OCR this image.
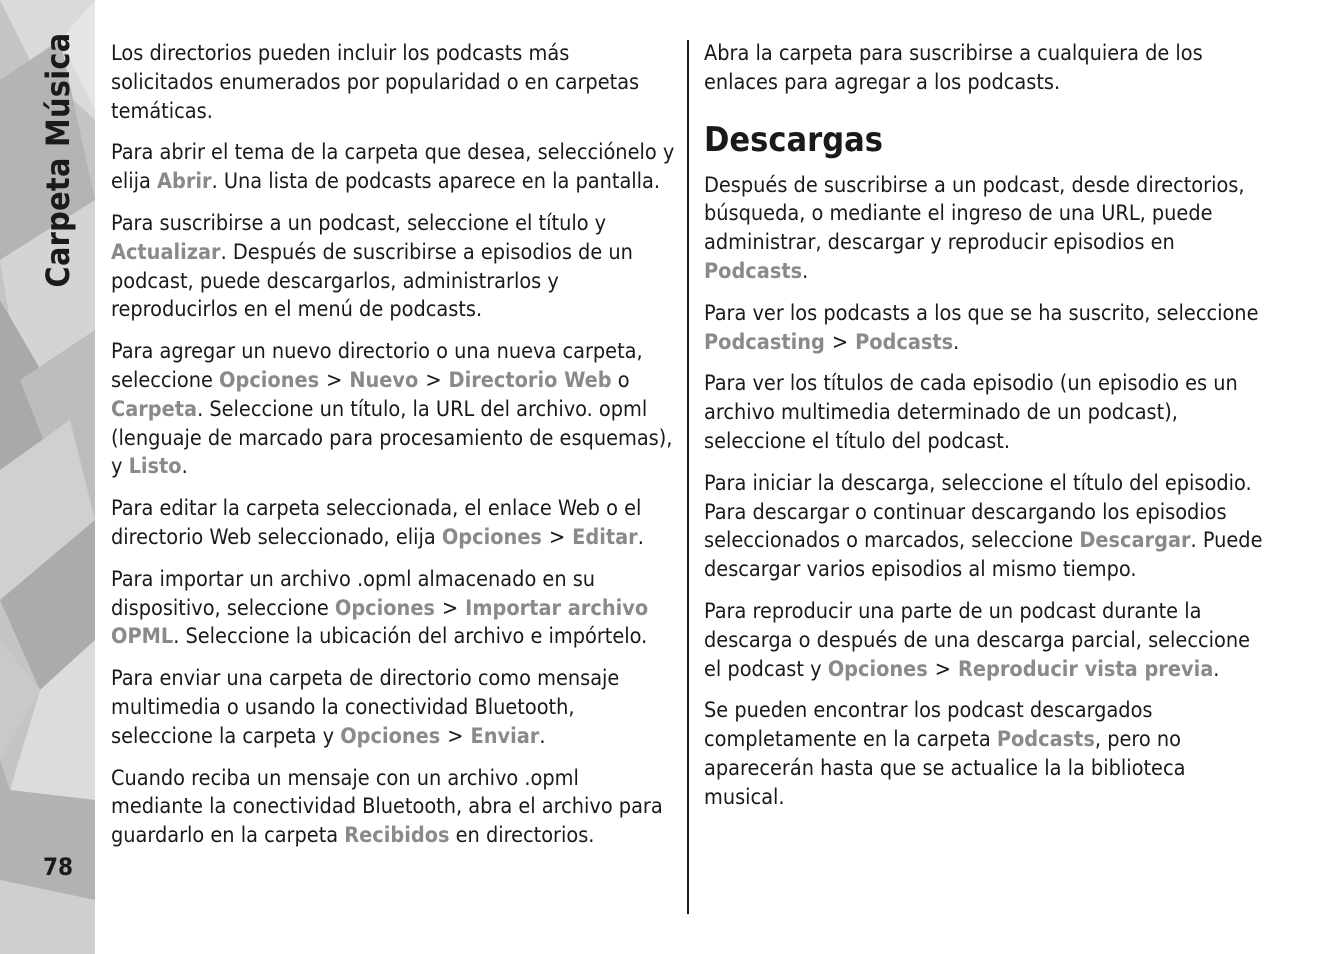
Carpeta Música
78

Los directorios pueden incluir los podcasts más solicitados enumerados por popularidad o en carpetas temáticas.

Para abrir el tema de la carpeta que desea, selecciónelo y elija Abrir. Una lista de podcasts aparece en la pantalla.

Para suscribirse a un podcast, seleccione el título y Actualizar. Después de suscribirse a episodios de un podcast, puede descargarlos, administrarlos y reproducirlos en el menú de podcasts.

Para agregar un nuevo directorio o una nueva carpeta, seleccione Opciones > Nuevo > Directorio Web o Carpeta. Seleccione un título, la URL del archivo. opml (lenguaje de marcado para procesamiento de esquemas), y Listo.

Para editar la carpeta seleccionada, el enlace Web o el directorio Web seleccionado, elija Opciones > Editar.

Para importar un archivo .opml almacenado en su dispositivo, seleccione Opciones > Importar archivo OPML. Seleccione la ubicación del archivo e impórtelo.

Para enviar una carpeta de directorio como mensaje multimedia o usando la conectividad Bluetooth, seleccione la carpeta y Opciones > Enviar.

Cuando reciba un mensaje con un archivo .opml mediante la conectividad Bluetooth, abra el archivo para guardarlo en la carpeta Recibidos en directorios.

Abra la carpeta para suscribirse a cualquiera de los enlaces para agregar a los podcasts.

Descargas

Después de suscribirse a un podcast, desde directorios, búsqueda, o mediante el ingreso de una URL, puede administrar, descargar y reproducir episodios en Podcasts.

Para ver los podcasts a los que se ha suscrito, seleccione Podcasting > Podcasts.

Para ver los títulos de cada episodio (un episodio es un archivo multimedia determinado de un podcast), seleccione el título del podcast.

Para iniciar la descarga, seleccione el título del episodio. Para descargar o continuar descargando los episodios seleccionados o marcados, seleccione Descargar. Puede descargar varios episodios al mismo tiempo.

Para reproducir una parte de un podcast durante la descarga o después de una descarga parcial, seleccione el podcast y Opciones > Reproducir vista previa.

Se pueden encontrar los podcast descargados completamente en la carpeta Podcasts, pero no aparecerán hasta que se actualice la la biblioteca musical.
